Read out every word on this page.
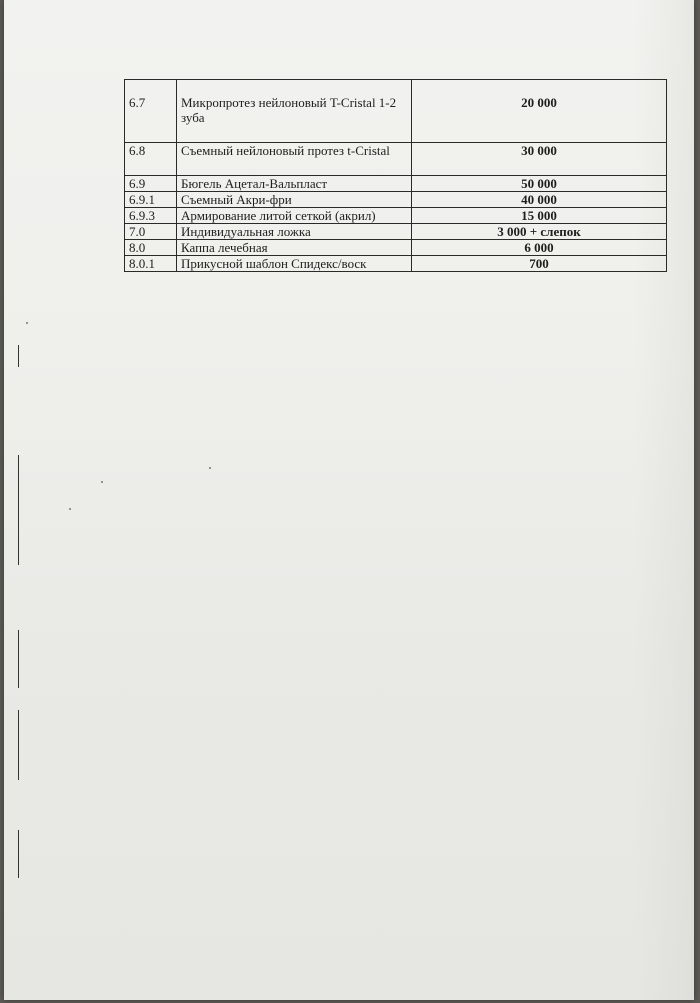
6.7	Микропротез нейлоновый T-Cristal 1-2 зуба	20 000
6.8	Съемный нейлоновый протез t-Cristal	30 000
6.9	Бюгель Ацетал-Вальпласт	50 000
6.9.1	Съемный Акри-фри	40 000
6.9.3	Армирование литой сеткой (акрил)	15 000
7.0	Индивидуальная ложка	3 000 + слепок
8.0	Каппа лечебная	6 000
8.0.1	Прикусной шаблон Спидекс/воск	700
